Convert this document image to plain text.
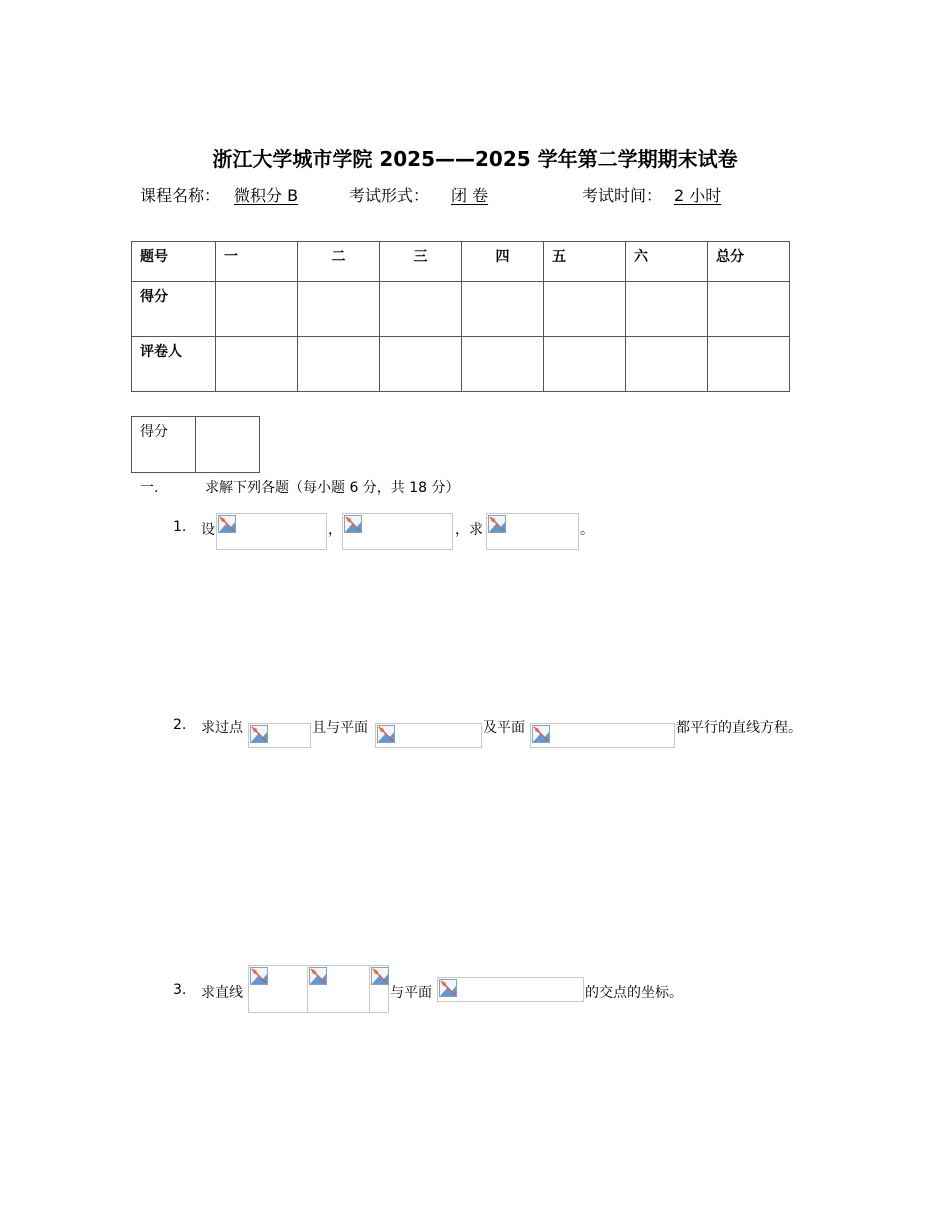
浙江大学城市学院 2025——2025 学年第二学期期末试卷
课程名称： 微积分 B	考试形式： 闭 卷	考试时间： 2 小时
题号	一	二	三	四	五	六	总分
得分							
评卷人							
得分	
一.	求解下列各题（每小题 6 分，共 18 分）
1. 设	，	，求	。
2. 求过点	且与平面	及平面	都平行的直线方程。
3. 求直线	与平面	的交点的坐标。
